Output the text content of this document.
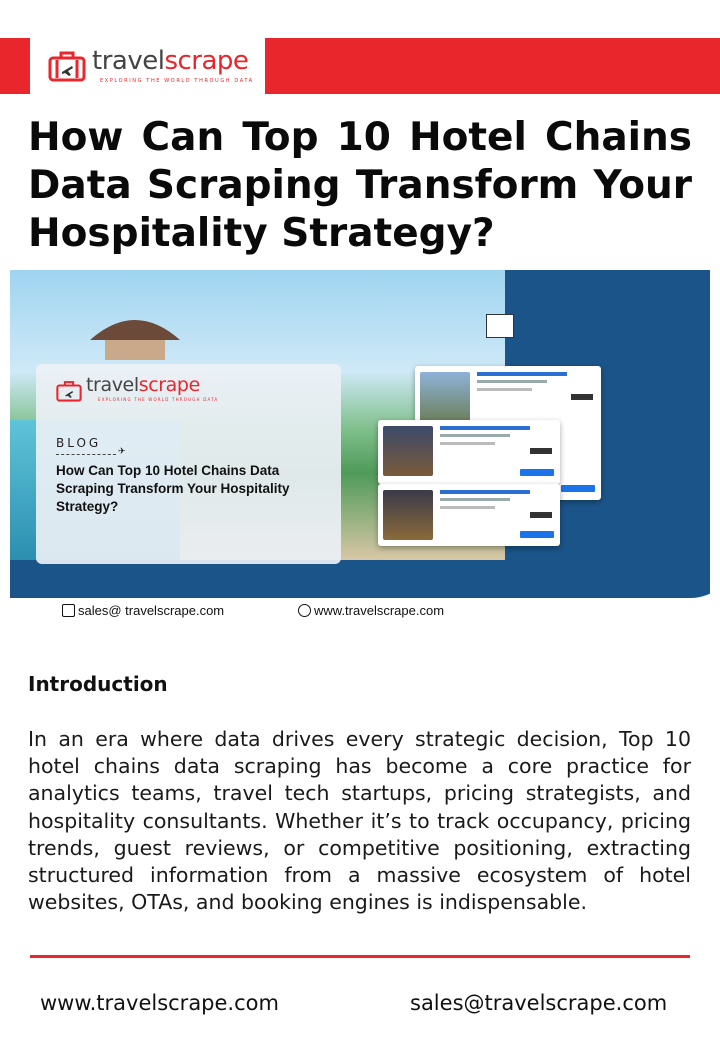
travelscrape
EXPLORING THE WORLD THROUGH DATA
How Can Top 10 Hotel Chains Data Scraping Transform Your Hospitality Strategy?
travelscrape
EXPLORING THE WORLD THROUGH DATA
BLOG
✈
How Can Top 10 Hotel Chains Data Scraping Transform Your Hospitality Strategy?
sales@ travelscrape.com	www.travelscrape.com
Introduction

In an era where data drives every strategic decision, Top 10 hotel chains data scraping has become a core practice for analytics teams, travel tech startups, pricing strategists, and hospitality consultants. Whether it’s to track occupancy, pricing trends, guest reviews, or competitive positioning, extracting structured information from a massive ecosystem of hotel websites, OTAs, and booking engines is indispensable.

www.travelscrape.com	sales@travelscrape.com
